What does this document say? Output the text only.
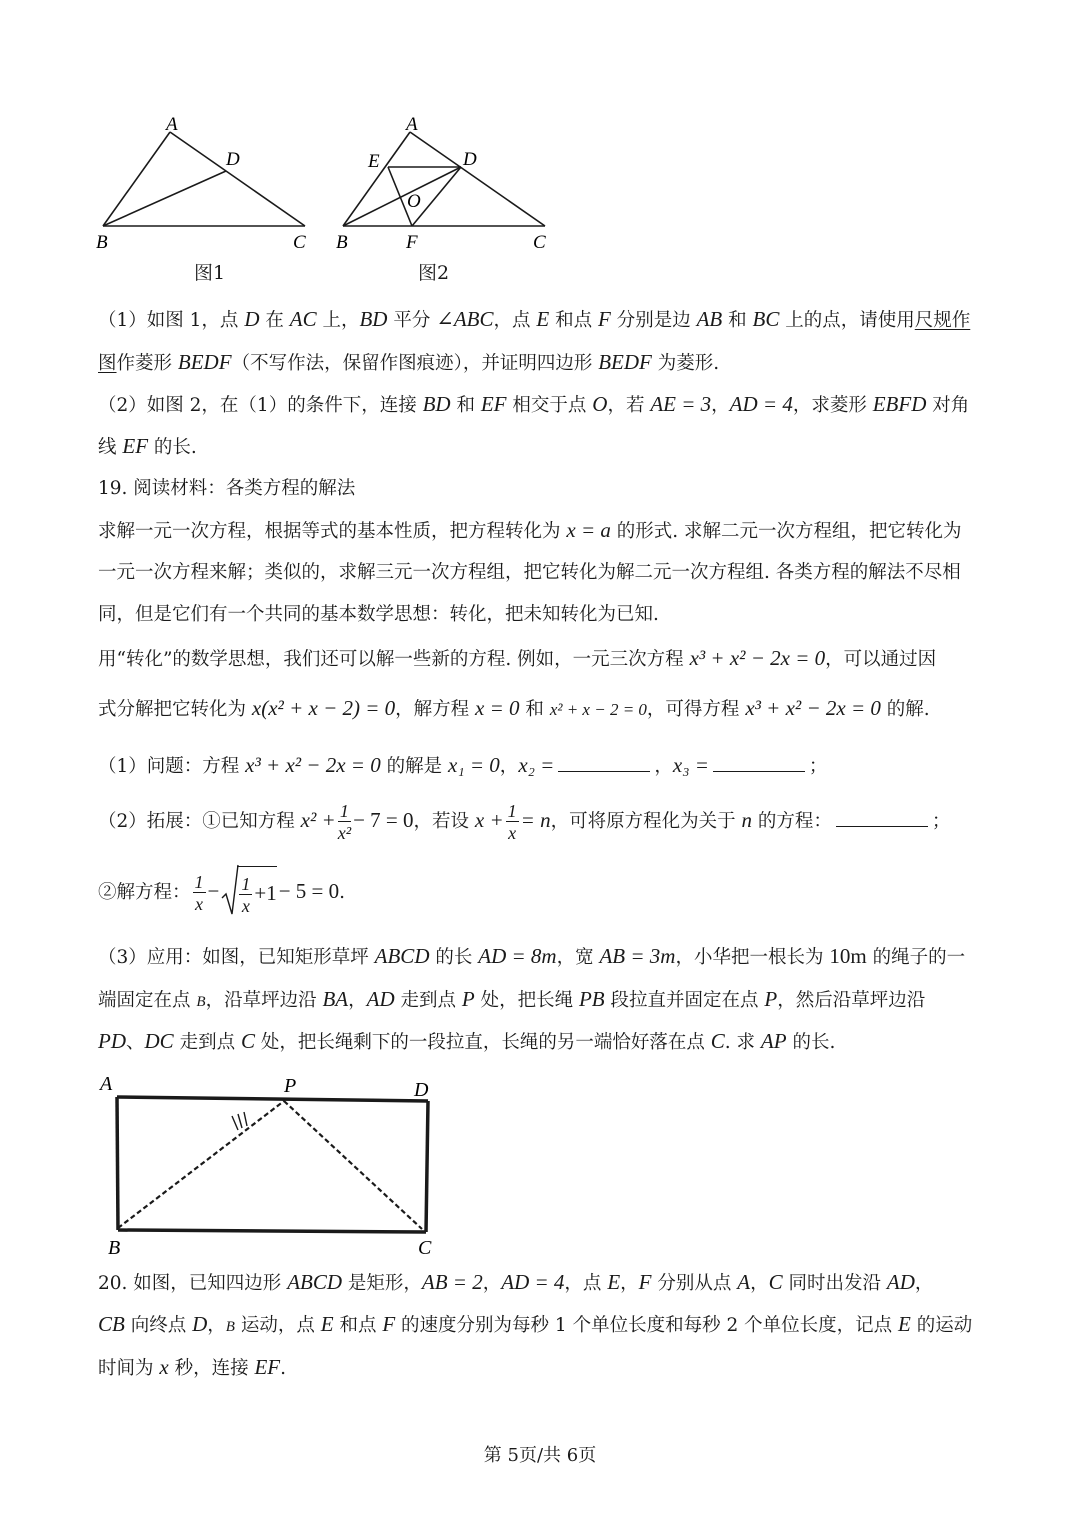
A
D
B	C
图1
A
E	D
O
B	F	C
图2
（1）如图 1，点 D 在 AC 上，BD 平分 ∠ABC，点 E 和点 F 分别是边 AB 和 BC 上的点，请使用尺规作
图作菱形 BEDF（不写作法，保留作图痕迹），并证明四边形 BEDF 为菱形.
（2）如图 2，在（1）的条件下，连接 BD 和 EF 相交于点 O，若 AE = 3，AD = 4，求菱形 EBFD 对角
线 EF 的长.
19. 阅读材料：各类方程的解法
求解一元一次方程，根据等式的基本性质，把方程转化为 x = a 的形式. 求解二元一次方程组，把它转化为
一元一次方程来解；类似的，求解三元一次方程组，把它转化为解二元一次方程组. 各类方程的解法不尽相
同，但是它们有一个共同的基本数学思想：转化，把未知转化为已知.
用“转化”的数学思想，我们还可以解一些新的方程. 例如，一元三次方程 x³ + x² − 2x = 0，可以通过因
式分解把它转化为 x(x² + x − 2) = 0，解方程 x = 0 和 x² + x − 2 = 0，可得方程 x³ + x² − 2x = 0 的解.
（1）问题：方程 x³ + x² − 2x = 0 的解是 x₁ = 0，x₂ =	，x₃ =	；
（2）拓展：①已知方程 $x^2 + \frac{1}{\text{x²}} - 7 = 0$，若设 $x + \frac{1}{x} = n$，可将原方程化为关于 n 的方程：	；
②解方程： $\frac{1}{x} - \frac{1}{x} +1- 5 = 0$.
（3）应用：如图，已知矩形草坪 ABCD 的长 AD = 8m，宽 AB = 3m，小华把一根长为 10m 的绳子的一
端固定在点 B，沿草坪边沿 BA，AD 走到点 P 处，把长绳 PB 段拉直并固定在点 P，然后沿草坪边沿
PD、DC 走到点 C 处，把长绳剩下的一段拉直，长绳的另一端恰好落在点 C. 求 AP 的长.
A	P	D
B	C
20. 如图，已知四边形 ABCD 是矩形，AB = 2，AD = 4，点 E，F 分别从点 A，C 同时出发沿 AD，
CB 向终点 D，B 运动，点 E 和点 F 的速度分别为每秒 1 个单位长度和每秒 2 个单位长度，记点 E 的运动
时间为 x 秒，连接 EF.
第 5页/共 6页
